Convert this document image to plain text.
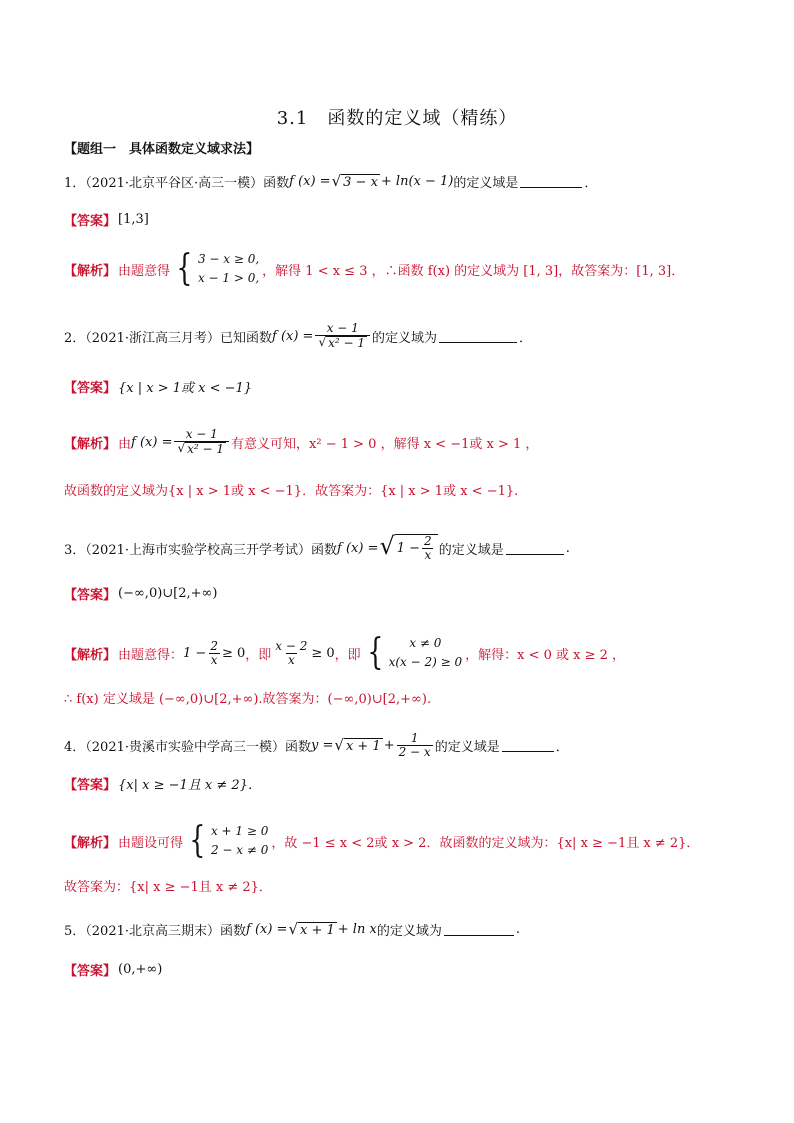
3.1　函数的定义域（精练）
【题组一　具体函数定义域求法】
1．（2021·北京平谷区·高三一模）函数 f (x) = √ 3 − x + ln(x − 1) 的定义域是	．
【答案】 [1,3]
【解析】 由题意得 { 3 − x ≥ 0,
x − 1 > 0, ，解得 1 < x ≤ 3 ，∴函数 f(x) 的定义域为 [1, 3]，故答案为：[1, 3]．
2．（2021·浙江高三月考）已知函数 f $(x) = \frac{x - 1}{\text{√ x² − 1}}$ 的定义域为	．
【答案】 {x | x > 1或 x < −1}
【解析】 由 f $(x) = \frac{x - 1}{\text{√ x² − 1}}$ 有意义可知，x² − 1 > 0 ，解得 x < −1或 x > 1 ，
故函数的定义域为{x | x > 1或 x < −1}．故答案为：{x | x > 1或 x < −1}.
3．（2021·上海市实验学校高三开学考试）函数 f (x) = √ $1 - \frac{2}{x}$ 的定义域是	.
【答案】 (−∞,0)∪[2,+∞)
【解析】 由题意得： $1 - \frac{2}{x} \ge 0$ ，即 $\frac{x - 2}{x} \ge 0$ ，即 {	x ≠ 0
x(x − 2) ≥ 0 ，解得：x < 0 或 x ≥ 2 ，
∴ f(x) 定义域是 (−∞,0)∪[2,+∞).故答案为：(−∞,0)∪[2,+∞).
4．（2021·贵溪市实验中学高三一模）函数 y = √ $x + 1 + \frac{1}{2 - x}$ 的定义域是	．
【答案】 {x| x ≥ −1且 x ≠ 2}．
【解析】 由题设可得 { x + 1 ≥ 0
2 − x ≠ 0 ，故 −1 ≤ x < 2或 x > 2．故函数的定义域为：{x| x ≥ −1且 x ≠ 2}．
故答案为：{x| x ≥ −1且 x ≠ 2}．
5．（2021·北京高三期末）函数 f (x) = √ x + 1 + ln x 的定义域为	.
【答案】 (0,+∞)
